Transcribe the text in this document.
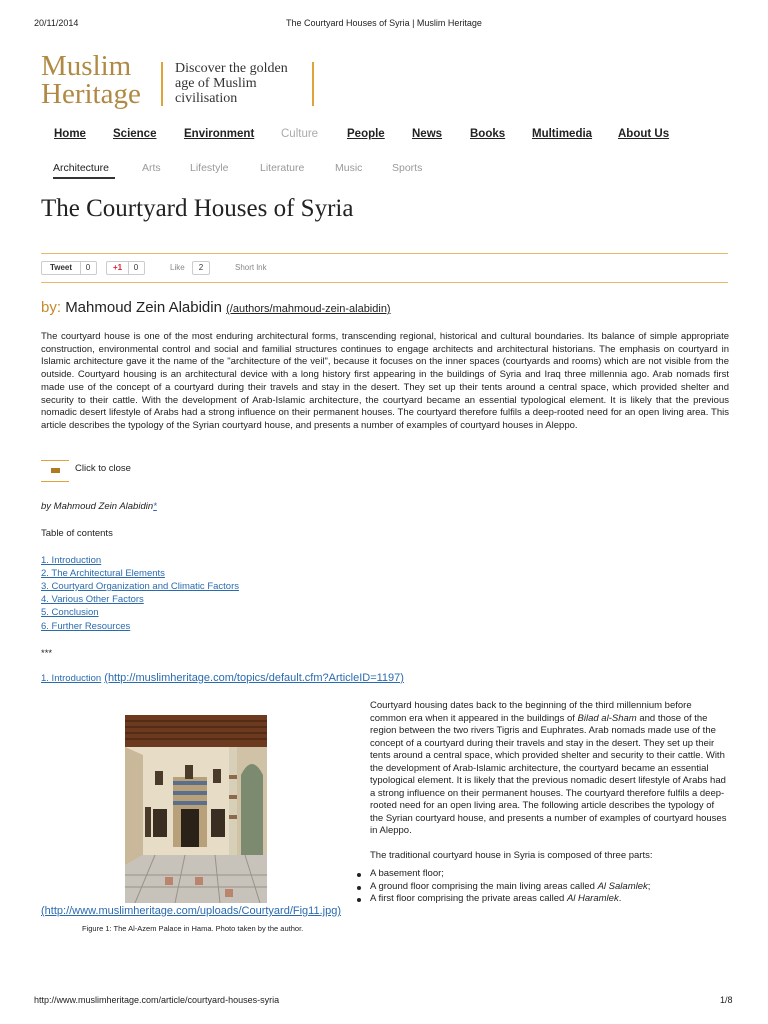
20/11/2014	The Courtyard Houses of Syria | Muslim Heritage
Muslim
Heritage
Discover the golden age of Muslim civilisation
Home Science Environment Culture	People News Books Multimedia About Us
Architecture	Arts	Lifestyle	Literature	Music	Sports
The Courtyard Houses of Syria
Tweet 0	+1 0	Like	2	Short lnk
by: Mahmoud Zein Alabidin (/authors/mahmoud-zein-alabidin)
The courtyard house is one of the most enduring architectural forms, transcending regional, historical and cultural boundaries. Its balance of simple appropriate construction, environmental control and social and familial structures continues to engage architects and architectural historians. The emphasis on courtyard in Islamic architecture gave it the name of the "architecture of the veil", because it focuses on the inner spaces (courtyards and rooms) which are not visible from the outside. Courtyard housing is an architectural device with a long history first appearing in the buildings of Syria and Iraq three millennia ago. Arab nomads first made use of the concept of a courtyard during their travels and stay in the desert. They set up their tents around a central space, which provided shelter and security to their cattle. With the development of Arab-Islamic architecture, the courtyard became an essential typological element. It is likely that the previous nomadic desert lifestyle of Arabs had a strong influence on their permanent houses. The courtyard therefore fulfils a deep-rooted need for an open living area. This article describes the typology of the Syrian courtyard house, and presents a number of examples of courtyard houses in Aleppo.
Click to close
by Mahmoud Zein Alabidin*
Table of contents
1. Introduction
2. The Architectural Elements
3. Courtyard Organization and Climatic Factors
4. Various Other Factors
5. Conclusion
6. Further Resources
***
1. Introduction (http://muslimheritage.com/topics/default.cfm?ArticleID=1197)
(http://www.muslimheritage.com/uploads/Courtyard/Fig11.jpg)
Figure 1: The Al-Azem Palace in Hama. Photo taken by the author.

Courtyard housing dates back to the beginning of the third millennium before common era when it appeared in the buildings of Bilad al-Sham and those of the region between the two rivers Tigris and Euphrates. Arab nomads made use of the concept of a courtyard during their travels and stay in the desert. They set up their tents around a central space, which provided shelter and security to their cattle. With the development of Arab-Islamic architecture, the courtyard became an essential typological element. It is likely that the previous nomadic desert lifestyle of Arabs had a strong influence on their permanent houses. The courtyard therefore fulfils a deep-rooted need for an open living area. The following article describes the typology of the Syrian courtyard house, and presents a number of examples of courtyard houses in Aleppo.

The traditional courtyard house in Syria is composed of three parts:

A basement floor;
A ground floor comprising the main living areas called Al Salamlek;
A first floor comprising the private areas called Al Haramlek.
http://www.muslimheritage.com/article/courtyard-houses-syria	1/8
